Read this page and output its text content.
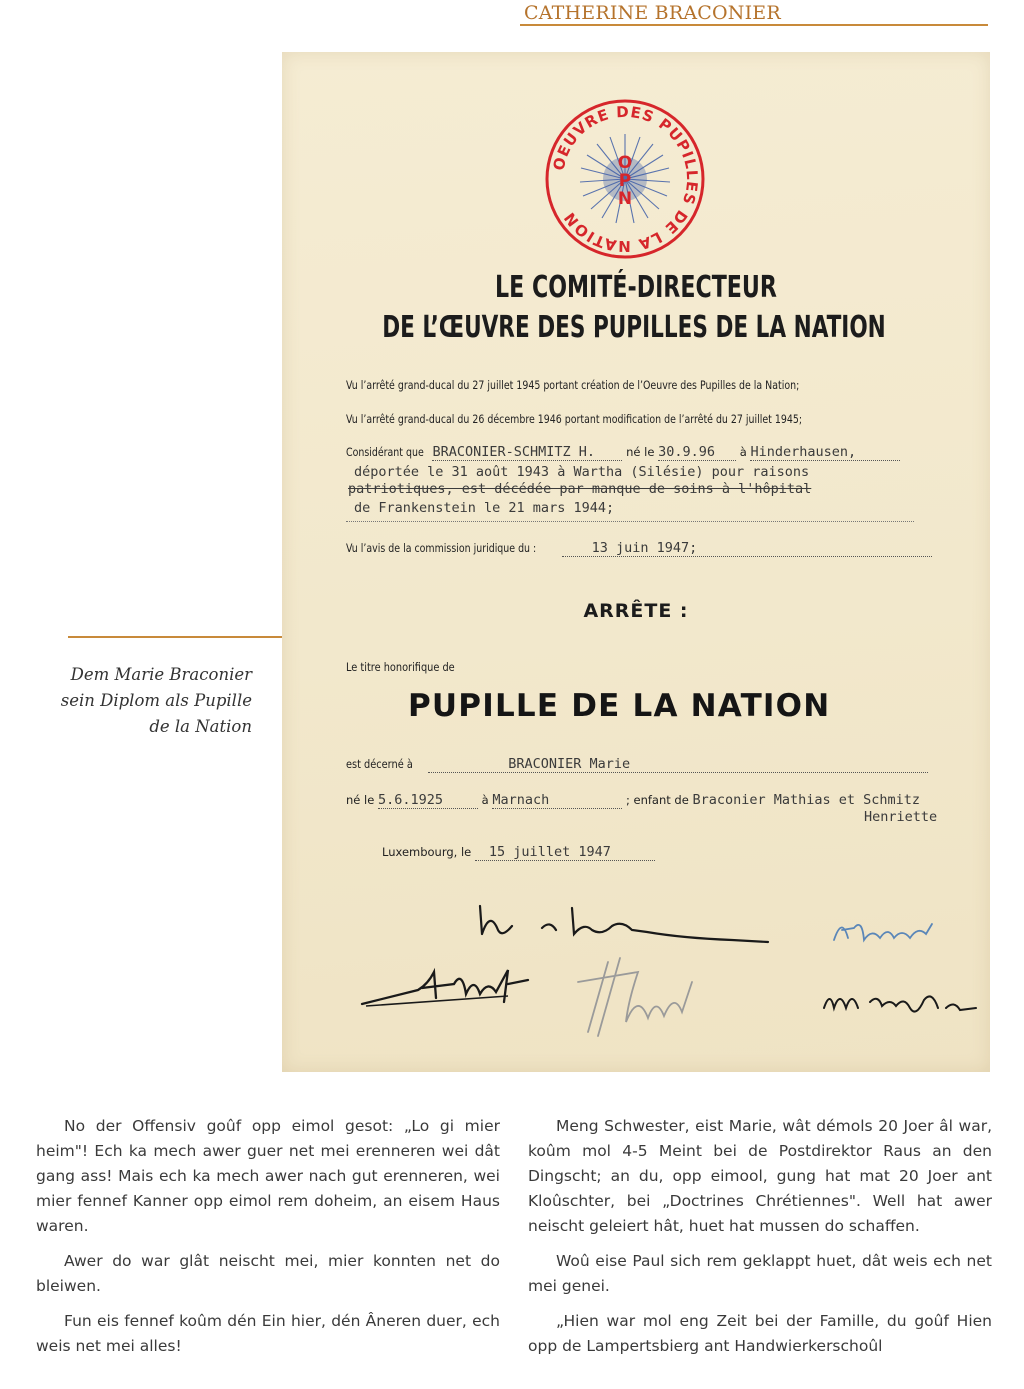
CATHERINE BRACONIER
Dem Marie Braconier
sein Diplom als Pupille
de la Nation
OEUVRE DES PUPILLES DE LA NATION
O
P
N
LE COMITÉ-DIRECTEUR
DE L’ŒUVRE DES PUPILLES DE LA NATION
Vu l’arrêté grand-ducal du 27 juillet 1945 portant création de l’Oeuvre des Pupilles de la Nation;
Vu l’arrêté grand-ducal du 26 décembre 1946 portant modification de l’arrêté du 27 juillet 1945;
Considérant que BRACONIER-SCHMITZ H.	né le 30.9.96 à Hinderhausen,
déportée le 31 août 1943 à Wartha (Silésie) pour raisons
patriotiques, est décédée par manque de soins à l'hôpital
de Frankenstein le 21 mars 1944;
Vu l’avis de la commission juridique du :	13 juin 1947;
ARRÊTE :
Le titre honorifique de
PUPILLE DE LA NATION
est décerné à	BRACONIER Marie
né le 5.6.1925	à Marnach	; enfant de Braconier Mathias et Schmitz
Henriette
Luxembourg, le 15 juillet 1947

No der Offensiv goûf opp eimol gesot: „Lo gi mier heim"! Ech ka mech awer guer net mei erenneren wei dât gang ass! Mais ech ka mech awer nach gut erenneren, wei mier fennef Kanner opp eimol rem doheim, an eisem Haus waren.

Awer do war glât neischt mei, mier konnten net do bleiwen.

Fun eis fennef koûm dén Ein hier, dén Âneren duer, ech weis net mei alles!

Meng Schwester, eist Marie, wât démols 20 Joer âl war, koûm mol 4-5 Meint bei de Postdirektor Raus an den Dingscht; an du, opp eimool, gung hat mat 20 Joer ant Kloûschter, bei „Doctrines Chrétiennes". Well hat awer neischt geleiert hât, huet hat mussen do schaffen.

Woû eise Paul sich rem geklappt huet, dât weis ech net mei genei.

„Hien war mol eng Zeit bei der Famille, du goûf Hien opp de Lampertsbierg ant Handwierkerschoûl
